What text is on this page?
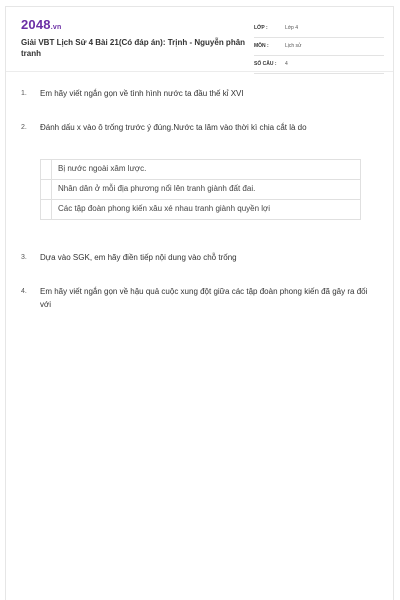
2048.vn
Giải VBT Lịch Sử 4 Bài 21(Có đáp án): Trịnh - Nguyễn phân tranh
LỚP :	Lớp 4
MÔN :	Lịch sử
SỐ CÂU : 4
1. Em hãy viết ngắn gọn về tình hình nước ta đầu thế kỉ XVI
2. Đánh dấu x vào ô trống trước ý đúng.Nước ta lâm vào thời kì chia cắt là do
Bị nước ngoài xâm lược.
Nhân dân ở mỗi địa phương nổi lên tranh giành đất đai.
Các tập đoàn phong kiến xâu xé nhau tranh giành quyền lợi
3. Dựa vào SGK, em hãy điền tiếp nội dung vào chỗ trống
4. Em hãy viết ngắn gọn về hậu quả cuộc xung đột giữa các tập đoàn phong kiến đã gây ra đối với
